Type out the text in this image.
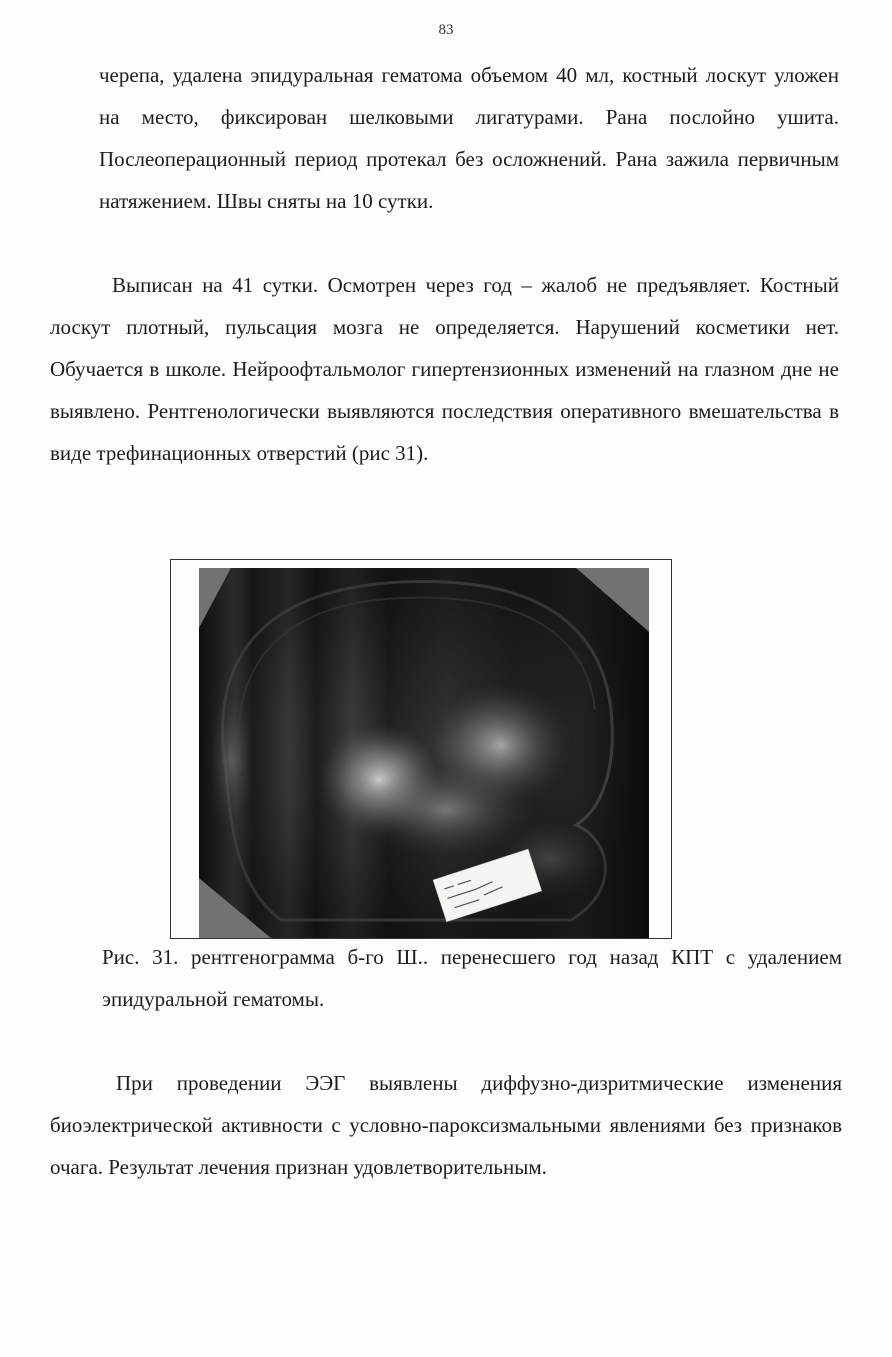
83

черепа, удалена эпидуральная гематома объемом 40 мл, костный лоскут уложен на место, фиксирован шелковыми лигатурами. Рана послойно ушита. Послеоперационный период протекал без осложнений. Рана зажила первичным натяжением. Швы сняты на 10 сутки.

Выписан на 41 сутки. Осмотрен через год – жалоб не предъявляет. Костный лоскут плотный, пульсация мозга не определяется. Нарушений косметики нет. Обучается в школе. Нейроофтальмолог гипертензионных изменений на глазном дне не выявлено. Рентгенологически выявляются последствия оперативного вмешательства в виде трефинационных отверстий (рис 31).

Рис. 31. рентгенограмма б-го Ш.. перенесшего год назад КПТ с удалением эпидуральной гематомы.

При проведении ЭЭГ выявлены диффузно-дизритмические изменения биоэлектрической активности с условно-пароксизмальными явлениями без признаков очага. Результат лечения признан удовлетворительным.
